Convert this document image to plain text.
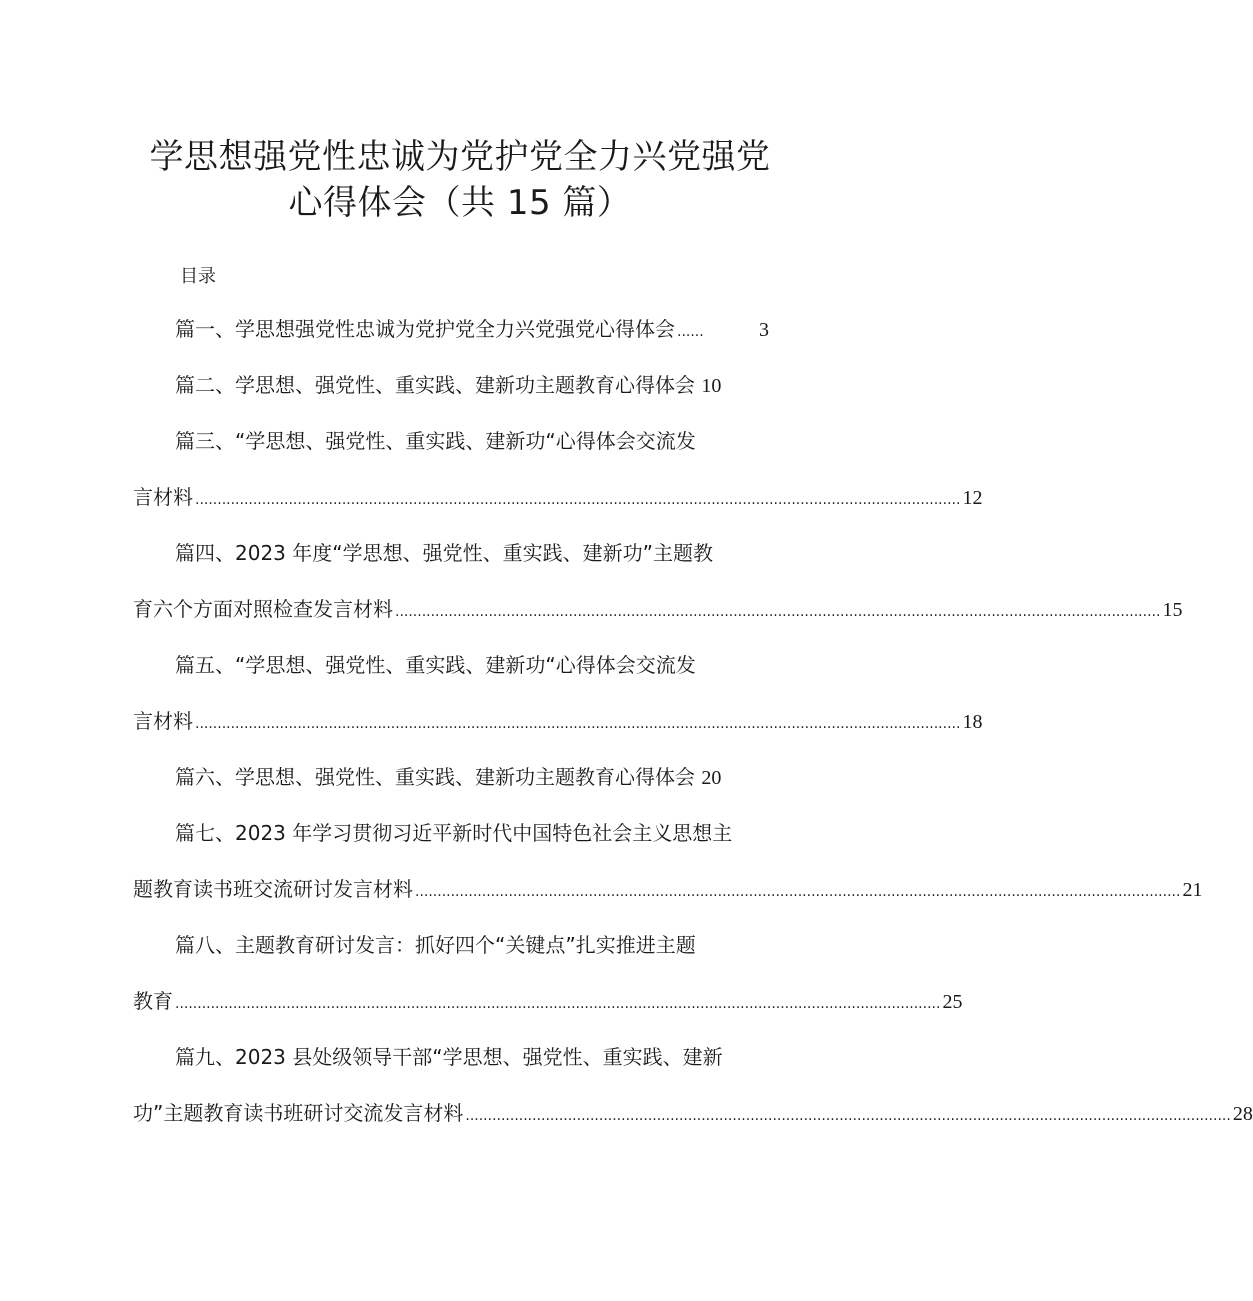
学思想强党性忠诚为党护党全力兴党强党
心得体会（共 15 篇）
目录
篇一、学思想强党性忠诚为党护党全力兴党强党心得体会 ......	3
篇二、学思想、强党性、重实践、建新功主题教育心得体会 10
篇三、“学思想、强党性、重实践、建新功“心得体会交流发
言材料 ............................................................................................................................................................................ 12
篇四、2023 年度“学思想、强党性、重实践、建新功”主题教
育六个方面对照检查发言材料 ............................................................................................................................................................................ 15
篇五、“学思想、强党性、重实践、建新功“心得体会交流发
言材料 ............................................................................................................................................................................ 18
篇六、学思想、强党性、重实践、建新功主题教育心得体会 20
篇七、2023 年学习贯彻习近平新时代中国特色社会主义思想主
题教育读书班交流研讨发言材料 ............................................................................................................................................................................ 21
篇八、主题教育研讨发言：抓好四个“关键点”扎实推进主题
教育 ............................................................................................................................................................................ 25
篇九、2023 县处级领导干部“学思想、强党性、重实践、建新
功”主题教育读书班研讨交流发言材料 ............................................................................................................................................................................ 28
